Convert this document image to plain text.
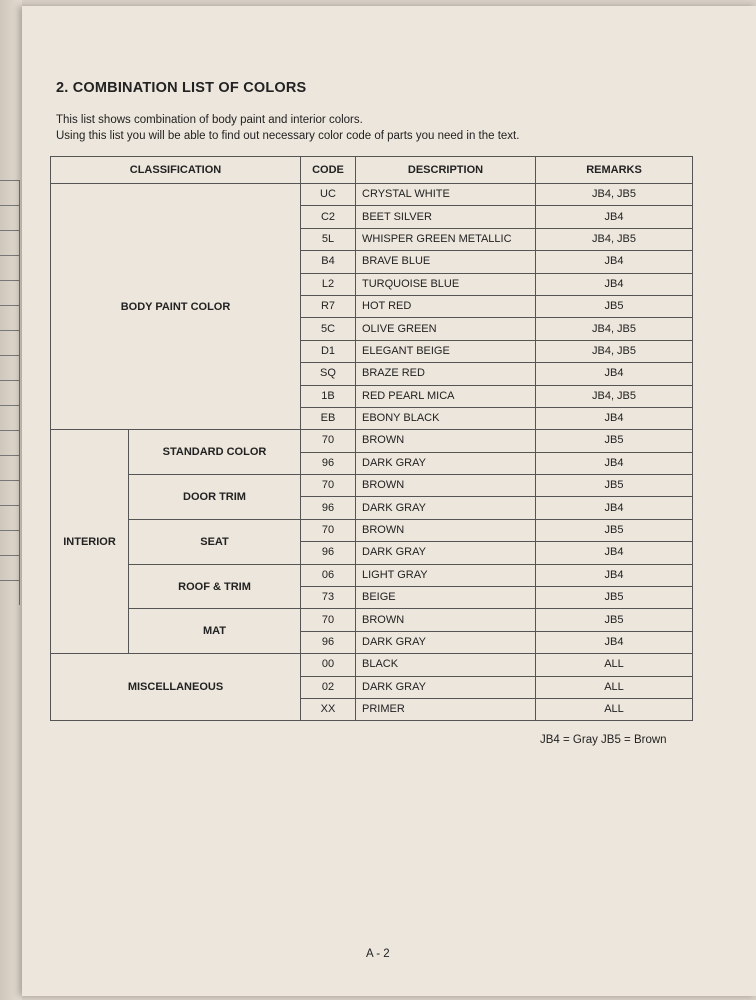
2. COMBINATION LIST OF COLORS
This list shows combination of body paint and interior colors.
Using this list you will be able to find out necessary color code of parts you need in the text.
CLASSIFICATION		CODE	DESCRIPTION	REMARKS
BODY PAINT COLOR		UC	CRYSTAL WHITE	JB4, JB5
		C2	BEET SILVER	JB4
		5L	WHISPER GREEN METALLIC	JB4, JB5
		B4	BRAVE BLUE	JB4
		L2	TURQUOISE BLUE	JB4
		R7	HOT RED	JB5
		5C	OLIVE GREEN	JB4, JB5
		D1	ELEGANT BEIGE	JB4, JB5
		SQ	BRAZE RED	JB4
		1B	RED PEARL MICA	JB4, JB5
		EB	EBONY BLACK	JB4
INTERIOR	STANDARD COLOR	70	BROWN	JB5
		96	DARK GRAY	JB4
	DOOR TRIM	70	BROWN	JB5
		96	DARK GRAY	JB4
	SEAT	70	BROWN	JB5
		96	DARK GRAY	JB4
	ROOF & TRIM	06	LIGHT GRAY	JB4
		73	BEIGE	JB5
	MAT	70	BROWN	JB5
		96	DARK GRAY	JB4
MISCELLANEOUS		00	BLACK	ALL
		02	DARK GRAY	ALL
		XX	PRIMER	ALL
JB4 = Gray JB5 = Brown
A - 2
